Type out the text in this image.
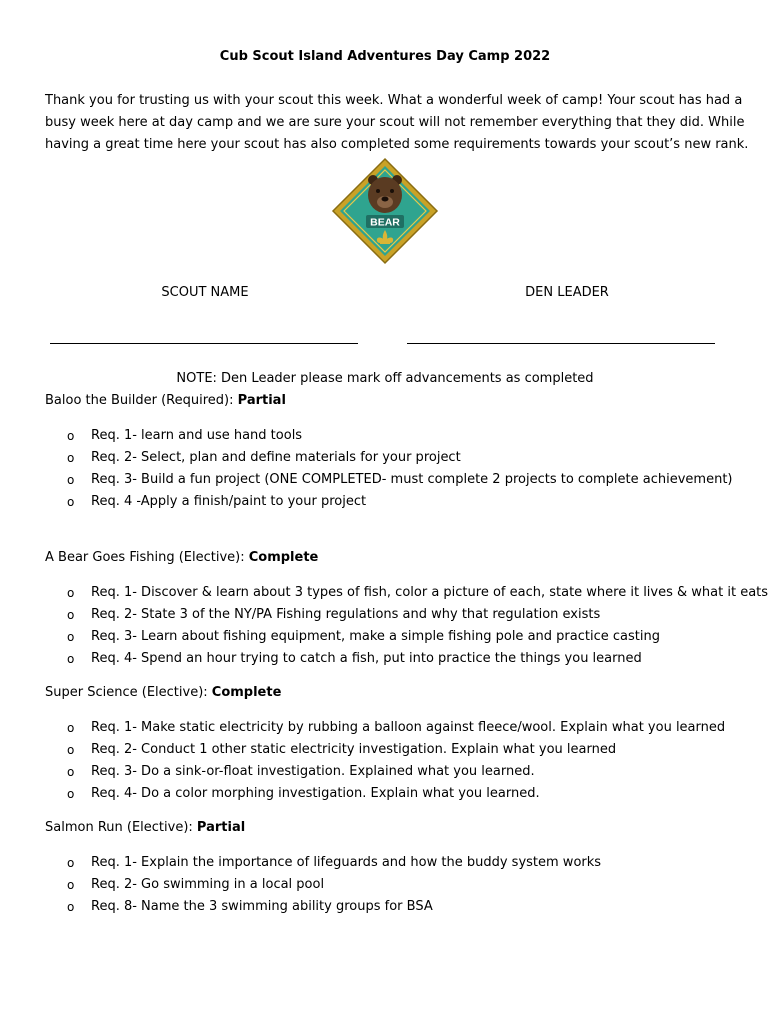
Cub Scout Island Adventures Day Camp 2022
Thank you for trusting us with your scout this week. What a wonderful week of camp! Your scout has had a
busy week here at day camp and we are sure your scout will not remember everything that they did. While
having a great time here your scout has also completed some requirements towards your scout’s new rank.
BEAR
SCOUT NAME	DEN LEADER
NOTE: Den Leader please mark off advancements as completed
Baloo the Builder (Required): Partial
o Req. 1- learn and use hand tools
o Req. 2- Select, plan and define materials for your project
o Req. 3- Build a fun project (ONE COMPLETED- must complete 2 projects to complete achievement)
o Req. 4 -Apply a finish/paint to your project
A Bear Goes Fishing (Elective): Complete
o Req. 1- Discover & learn about 3 types of fish, color a picture of each, state where it lives & what it eats
o Req. 2- State 3 of the NY/PA Fishing regulations and why that regulation exists
o Req. 3- Learn about fishing equipment, make a simple fishing pole and practice casting
o Req. 4- Spend an hour trying to catch a fish, put into practice the things you learned
Super Science (Elective): Complete
o Req. 1- Make static electricity by rubbing a balloon against fleece/wool. Explain what you learned
o Req. 2- Conduct 1 other static electricity investigation. Explain what you learned
o Req. 3- Do a sink-or-float investigation. Explained what you learned.
o Req. 4- Do a color morphing investigation. Explain what you learned.
Salmon Run (Elective): Partial
o Req. 1- Explain the importance of lifeguards and how the buddy system works
o Req. 2- Go swimming in a local pool
o Req. 8- Name the 3 swimming ability groups for BSA
